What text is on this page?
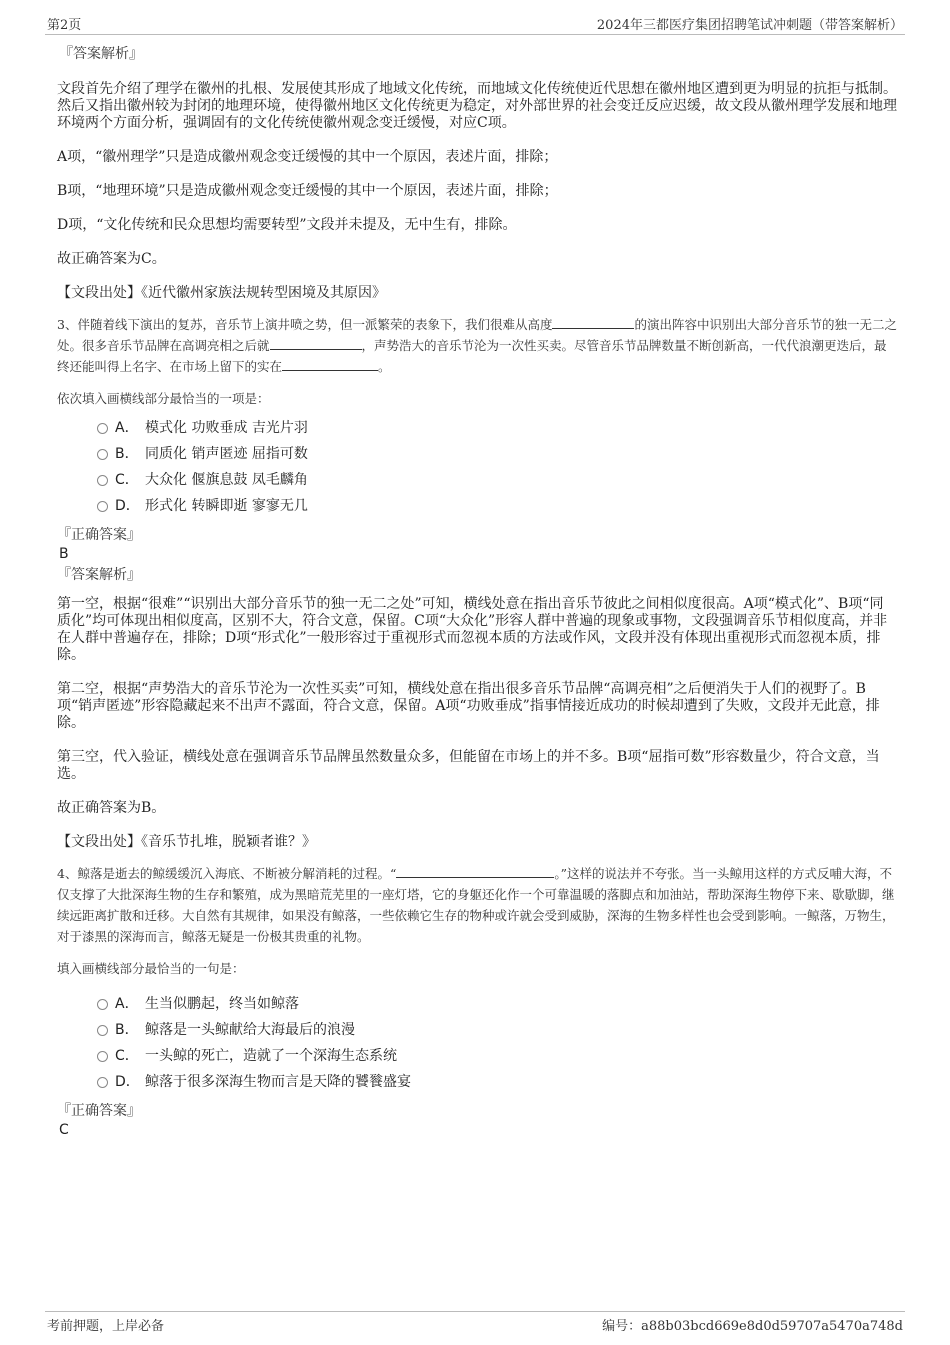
第2页	2024年三都医疗集团招聘笔试冲刺题（带答案解析）

『答案解析』

文段首先介绍了理学在徽州的扎根、发展使其形成了地域文化传统，而地域文化传统使近代思想在徽州地区遭到更为明显的抗拒与抵制。然后又指出徽州较为封闭的地理环境，使得徽州地区文化传统更为稳定，对外部世界的社会变迁反应迟缓，故文段从徽州理学发展和地理环境两个方面分析，强调固有的文化传统使徽州观念变迁缓慢，对应C项。

A项，“徽州理学”只是造成徽州观念变迁缓慢的其中一个原因，表述片面，排除；

B项，“地理环境”只是造成徽州观念变迁缓慢的其中一个原因，表述片面，排除；

D项，“文化传统和民众思想均需要转型”文段并未提及，无中生有，排除。

故正确答案为C。

【文段出处】《近代徽州家族法规转型困境及其原因》

3、伴随着线下演出的复苏，音乐节上演井喷之势，但一派繁荣的表象下，我们很难从高度	的演出阵容中识别出大部分音乐节的独一无二之处。很多音乐节品牌在高调亮相之后就	，声势浩大的音乐节沦为一次性买卖。尽管音乐节品牌数量不断创新高，一代代浪潮更迭后，最终还能叫得上名字、在市场上留下的实在	。

依次填入画横线部分最恰当的一项是：

A． 模式化 功败垂成 吉光片羽
B． 同质化 销声匿迹 屈指可数
C． 大众化 偃旗息鼓 凤毛麟角
D． 形式化 转瞬即逝 寥寥无几

『正确答案』

B

『答案解析』

第一空，根据“很难”“识别出大部分音乐节的独一无二之处”可知，横线处意在指出音乐节彼此之间相似度很高。A项“模式化”、B项“同质化”均可体现出相似度高，区别不大，符合文意，保留。C项“大众化”形容人群中普遍的现象或事物，文段强调音乐节相似度高，并非在人群中普遍存在，排除；D项“形式化”一般形容过于重视形式而忽视本质的方法或作风，文段并没有体现出重视形式而忽视本质，排除。

第二空，根据“声势浩大的音乐节沦为一次性买卖”可知，横线处意在指出很多音乐节品牌“高调亮相”之后便消失于人们的视野了。B项“销声匿迹”形容隐藏起来不出声不露面，符合文意，保留。A项“功败垂成”指事情接近成功的时候却遭到了失败，文段并无此意，排除。

第三空，代入验证，横线处意在强调音乐节品牌虽然数量众多，但能留在市场上的并不多。B项“屈指可数”形容数量少，符合文意，当选。

故正确答案为B。

【文段出处】《音乐节扎堆，脱颖者谁？》

4、鲸落是逝去的鲸缓缓沉入海底、不断被分解消耗的过程。“	。”这样的说法并不夸张。当一头鲸用这样的方式反哺大海，不仅支撑了大批深海生物的生存和繁殖，成为黑暗荒芜里的一座灯塔，它的身躯还化作一个可靠温暖的落脚点和加油站，帮助深海生物停下来、歇歇脚，继续远距离扩散和迁移。大自然有其规律，如果没有鲸落，一些依赖它生存的物种或许就会受到威胁，深海的生物多样性也会受到影响。一鲸落，万物生，对于漆黑的深海而言，鲸落无疑是一份极其贵重的礼物。

填入画横线部分最恰当的一句是：

A． 生当似鹏起，终当如鲸落
B． 鲸落是一头鲸献给大海最后的浪漫
C． 一头鲸的死亡，造就了一个深海生态系统
D． 鲸落于很多深海生物而言是天降的饕餮盛宴

『正确答案』

C

考前押题，上岸必备	编号：a88b03bcd669e8d0d59707a5470a748d
